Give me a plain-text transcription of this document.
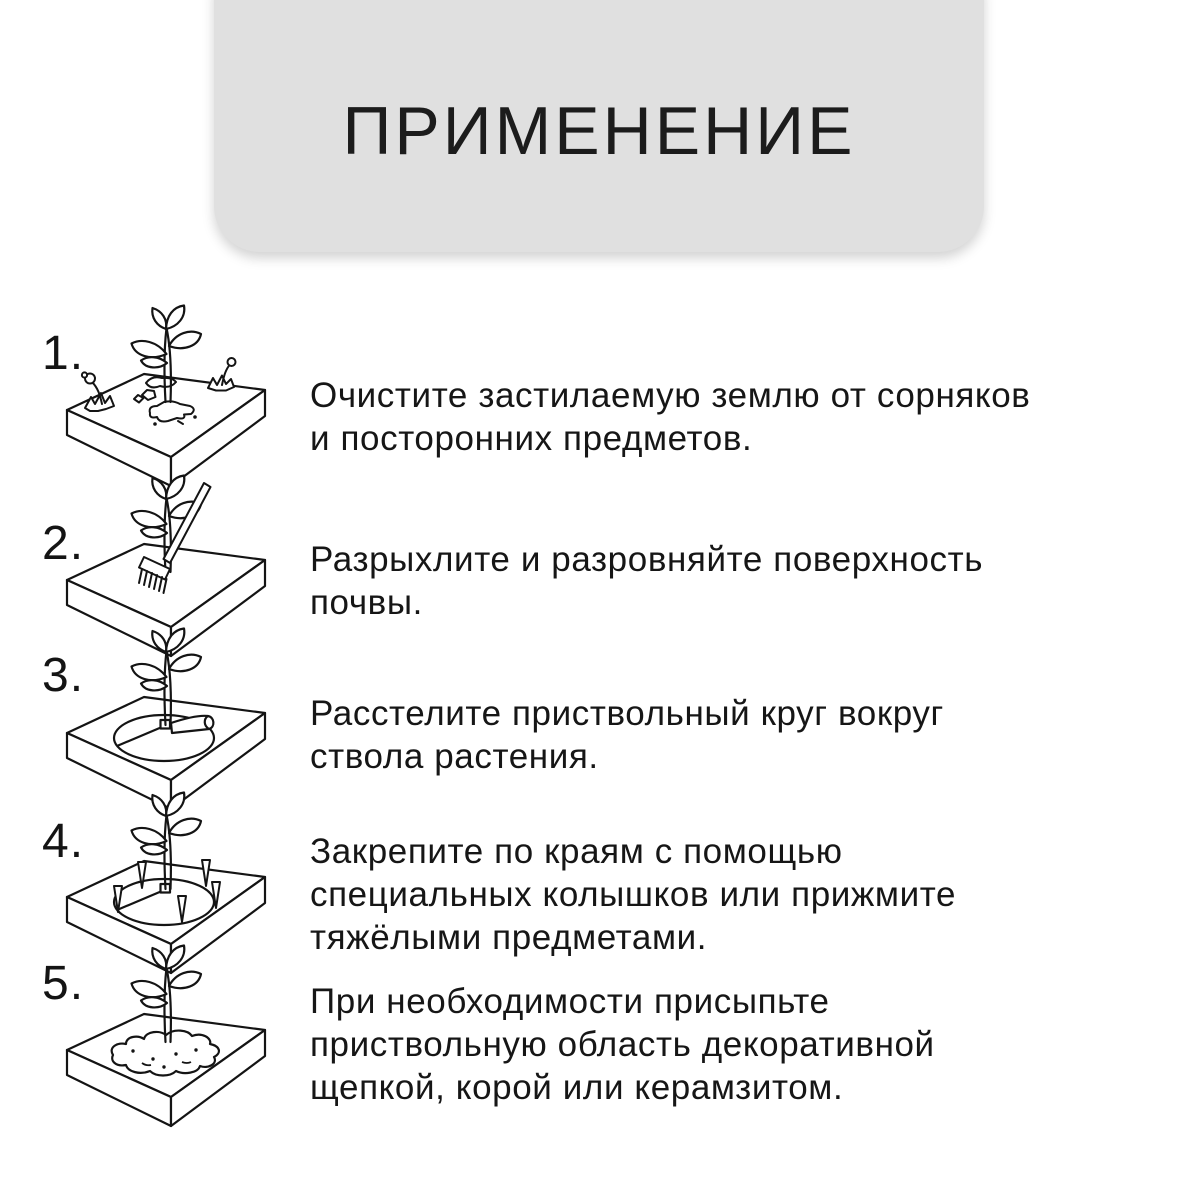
ПРИМЕНЕНИЕ
1.
Очистите застилаемую землю от сорняков
и посторонних предметов.
2.	Разрыхлите и разровняйте поверхность
почвы.
3.
Расстелите приствольный круг вокруг
ствола растения.
4.	Закрепите по краям с помощью
специальных колышков или прижмите
тяжёлыми предметами.
5.	При необходимости присыпьте
приствольную область декоративной
щепкой, корой или керамзитом.
